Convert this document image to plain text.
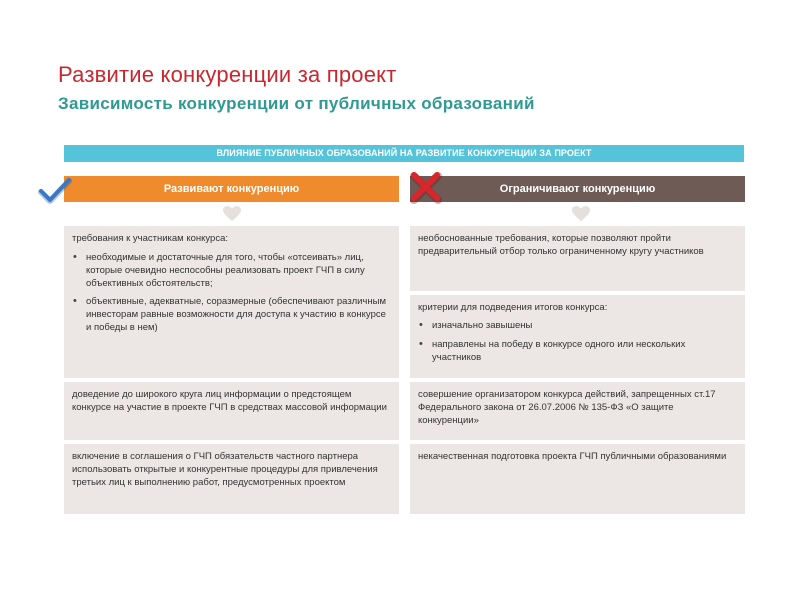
Развитие конкуренции за проект
Зависимость конкуренции от публичных образований
ВЛИЯНИЕ ПУБЛИЧНЫХ ОБРАЗОВАНИЙ НА РАЗВИТИЕ КОНКУРЕНЦИИ ЗА ПРОЕКТ
Развивают конкуренцию	Ограничивают конкуренцию

требования к участникам конкурса:

• необходимые и достаточные для того, чтобы «отсеивать» лиц, которые очевидно неспособны реализовать проект ГЧП в силу объективных обстоятельств;
• объективные, адекватные, соразмерные (обеспечивают различным инвесторам равные возможности для доступа к участию в конкурсе и победы в нем)
доведение до широкого круга лиц информации о предстоящем конкурсе на участие в проекте ГЧП в средствах массовой информации
включение в соглашения о ГЧП обязательств частного партнера использовать открытые и конкурентные процедуры для привлечения третьих лиц к выполнению работ, предусмотренных проектом
необоснованные требования, которые позволяют пройти предварительный отбор только ограниченному кругу участников

критерии для подведения итогов конкурса:

• изначально завышены
• направлены на победу в конкурсе одного или нескольких участников
совершение организатором конкурса действий, запрещенных ст.17 Федерального закона от 26.07.2006 № 135-ФЗ «О защите конкуренции»
некачественная подготовка проекта ГЧП публичными образованиями
